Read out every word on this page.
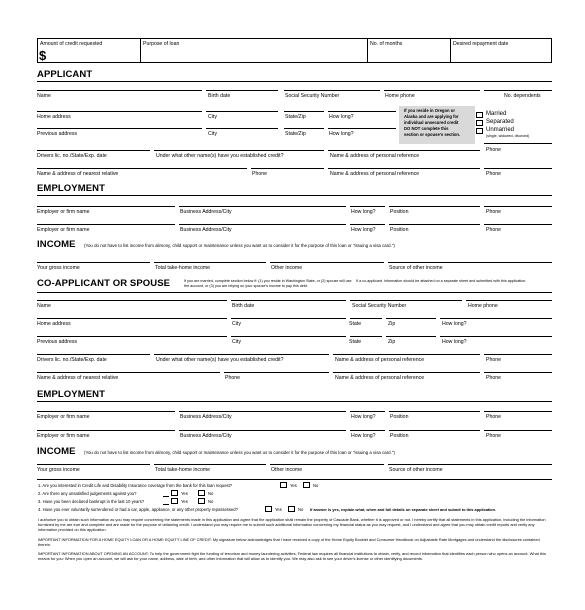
Amount of credit requested
$
Purpose of loan	No. of months	Desired repayment date
APPLICANT
Name	Birth date	Social Security Number	Home phone	No. dependents
Home address	City	State/Zip	How long?
Previous address	City	State/Zip	How long?
If you reside in Oregon or
Alaska and are applying for
individual unsecured credit
DO NOT complete this
section or spouse's section.
Married
Separated
Unmarried
(single, widowed, divorced)
Phone
Drivers lic. no./State/Exp. date	Under what other name(s) have you established credit?	Name & address of personal reference
Name & address of nearest relative	Phone	Name & address of personal reference	Phone
EMPLOYMENT
Employer or firm name	Business Address/City	How long?	Position	Phone
Employer or firm name	Business Address/City	How long?	Position	Phone
INCOME (You do not have to list income from alimony, child support or maintenance unless you want us to consider it for the purpose of this loan or "issuing a visa card.")
Your gross income	Total take-home income	Other income	Source of other income
CO-APPLICANT OR SPOUSE	If you are married, complete section below if: (1) you reside in Washington State, or (2) spouse will use the account, or (3) you are relying on your spouse's income to pay this debt.
If a co-applicant, information should be attached on a separate sheet and submitted with this application.
Name	Birth date	Social Security Number	Home phone
Home address	City	State	Zip	How long?
Previous address	City	State	Zip	How long?
Drivers lic. no./State/Exp. date	Under what other name(s) have you established credit?	Name & address of personal reference	Phone
Name & address of nearest relative	Phone	Name & address of personal reference	Phone
EMPLOYMENT
Employer or firm name	Business Address/City	How long?	Position	Phone
Employer or firm name	Business Address/City	How long?	Position	Phone
INCOME (You do not have to list income from alimony, child support or maintenance unless you want us to consider it for the purpose of this loan or "issuing a visa card.")
Your gross income	Total take-home income	Other income	Source of other income
1. Are you interested in Credit Life and Disability Insurance coverage from the bank for this loan request?	Yes	No
2. Are there any unsatisfied judgements against you?	Yes	No
3. Have you been declared bankrupt in the last 10 years?	Yes	No
4. Have you ever voluntarily surrendered or had a car, apple, appliance, or any other property repossessed?	Yes	No If answer is yes, explain what, when and full details on separate sheet and submit to this application.
I authorize you to obtain such information as you may require concerning the statements made in this application and agree that the application shall remain the property of Cascade Bank, whether it is approved or not. I hereby certify that all statements in this application, including the information furnished by me are true and complete and are made for the purpose of obtaining credit. I understand you may require me to submit such additional information concerning my financial status as you may request, and I understand and agree that you may obtain credit reports and verify any information provided on this application.
IMPORTANT INFORMATION FOR A HOME EQUITY LOAN OR A HOME EQUITY LINE OF CREDIT: My signature below acknowledges that I have received a copy of the Home Equity Booklet and Consumer Handbook on Adjustable Rate Mortgages and understand the disclosures contained therein.
IMPORTANT INFORMATION ABOUT OPENING AN ACCOUNT: To help the government fight the funding of terrorism and money laundering activities, Federal law requires all financial institutions to obtain, verify, and record information that identifies each person who opens an account. What this means for you: When you open an account, we will ask for your name, address, date of birth, and other information that will allow us to identify you. We may also ask to see your driver's license or other identifying documents.
